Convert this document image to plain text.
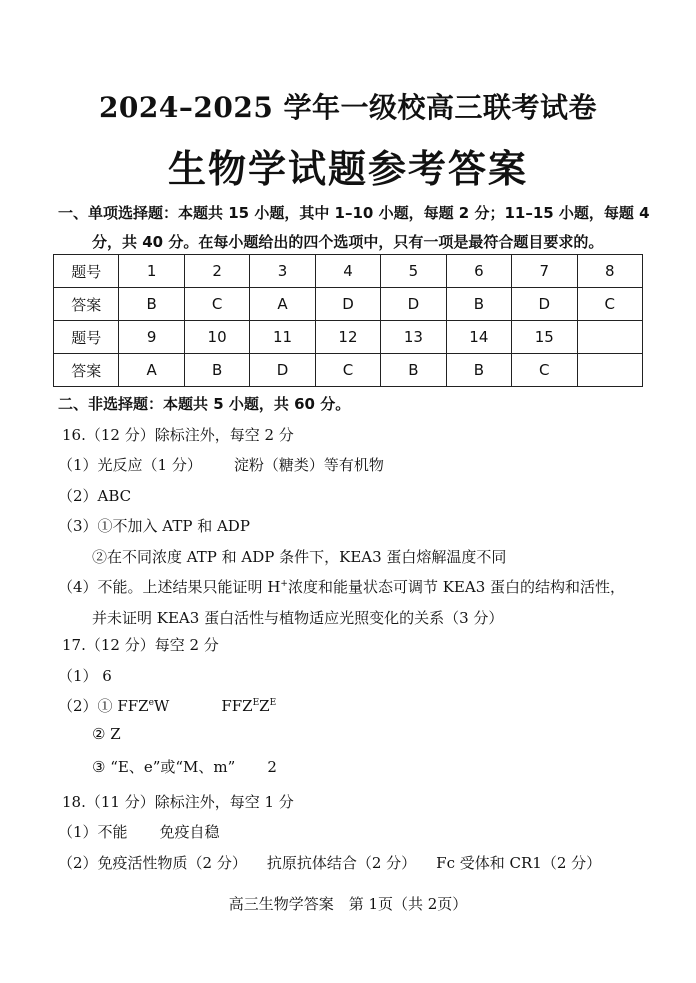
2024–2025 学年一级校高三联考试卷
生物学试题参考答案
一、单项选择题：本题共 15 小题，其中 1–10 小题，每题 2 分；11–15 小题，每题 4
分，共 40 分。在每小题给出的四个选项中，只有一项是最符合题目要求的。
题号	1	2	3	4	5	6	7	8
答案	B	C	A	D	D	B	D	C
题号	9	10	11	12	13	14	15	
答案	A	B	D	C	B	B	C	
二、非选择题：本题共 5 小题，共 60 分。
16.（12 分）除标注外，每空 2 分
（1）光反应（1 分） 淀粉（糖类）等有机物
（2）ABC
（3）①不加入 ATP 和 ADP
②在不同浓度 ATP 和 ADP 条件下，KEA3 蛋白熔解温度不同
（4）不能。上述结果只能证明 H+浓度和能量状态可调节 KEA3 蛋白的结构和活性，
并未证明 KEA3 蛋白活性与植物适应光照变化的关系（3 分）
17.（12 分）每空 2 分
（1） 6
（2）① FFZ$^e$W	$FFZ^EZ^E$
② Z
③ “E、e”或“M、m” 2
18.（11 分）除标注外，每空 1 分
（1）不能 免疫自稳
（2）免疫活性物质（2 分） 抗原抗体结合（2 分） Fc 受体和 CR1（2 分）
高三生物学答案　第 1页（共 2页）
